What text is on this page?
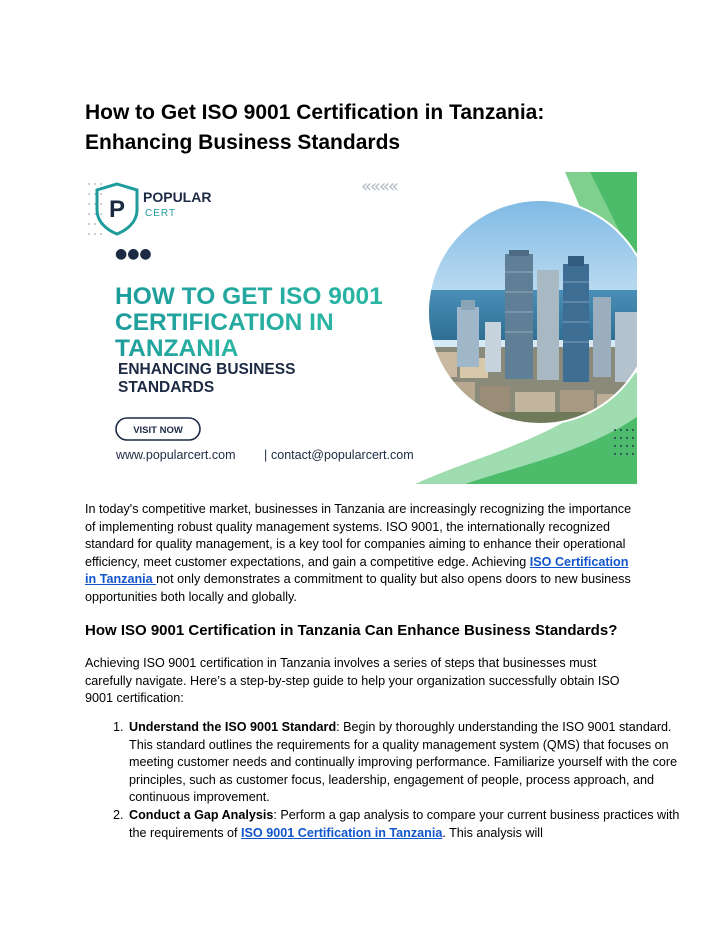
How to Get ISO 9001 Certification in Tanzania: Enhancing Business Standards
P POPULAR
CERT
««««
●●●
HOW TO GET ISO 9001
CERTIFICATION IN
TANZANIA
ENHANCING BUSINESS
STANDARDS
VISIT NOW
www.popularcert.com | contact@popularcert.com

In today's competitive market, businesses in Tanzania are increasingly recognizing the importance of implementing robust quality management systems. ISO 9001, the internationally recognized standard for quality management, is a key tool for companies aiming to enhance their operational efficiency, meet customer expectations, and gain a competitive edge. Achieving ISO Certification in Tanzania not only demonstrates a commitment to quality but also opens doors to new business opportunities both locally and globally.

How ISO 9001 Certification in Tanzania Can Enhance Business Standards?

Achieving ISO 9001 certification in Tanzania involves a series of steps that businesses must carefully navigate. Here’s a step-by-step guide to help your organization successfully obtain ISO 9001 certification:

1. Understand the ISO 9001 Standard: Begin by thoroughly understanding the ISO 9001 standard. This standard outlines the requirements for a quality management system (QMS) that focuses on meeting customer needs and continually improving performance. Familiarize yourself with the core principles, such as customer focus, leadership, engagement of people, process approach, and continuous improvement.
2. Conduct a Gap Analysis: Perform a gap analysis to compare your current business practices with the requirements of ISO 9001 Certification in Tanzania. This analysis will
